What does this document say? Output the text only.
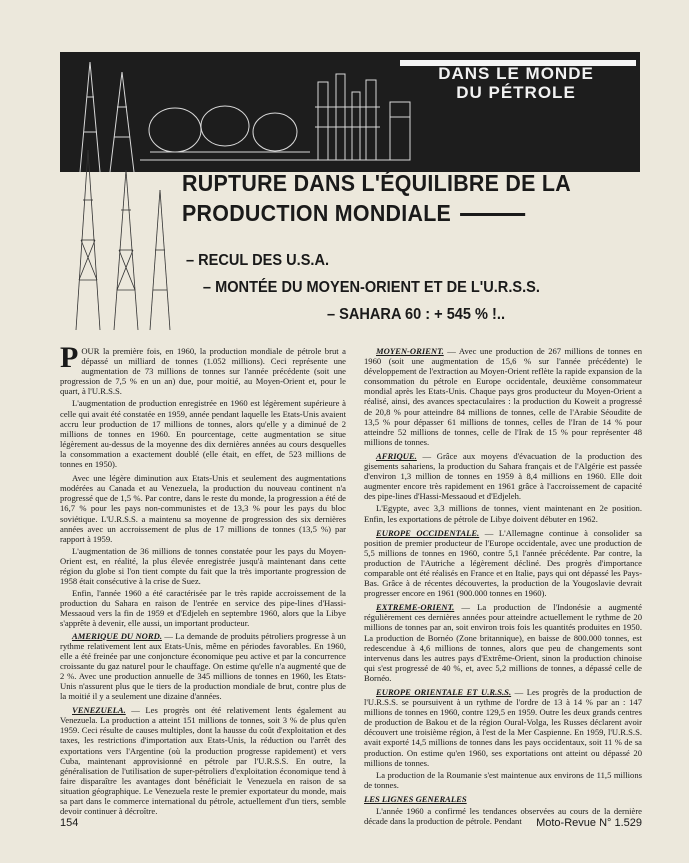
DANS LE MONDE
DU PÉTROLE
RUPTURE DANS L'ÉQUILIBRE DE LA
PRODUCTION MONDIALE
– RECUL DES U.S.A.
– MONTÉE DU MOYEN-ORIENT ET DE L'U.R.S.S.
– SAHARA 60 : + 545 % !..

POUR la première fois, en 1960, la production mondiale de pétrole brut a dépassé un milliard de tonnes (1.052 millions). Ceci représente une augmentation de 73 millions de tonnes sur l'année précédente (soit une progression de 7,5 % en un an) due, pour moitié, au Moyen-Orient et, pour le quart, à l'U.R.S.S.

L'augmentation de production enregistrée en 1960 est légèrement supérieure à celle qui avait été constatée en 1959, année pendant laquelle les Etats-Unis avaient accru leur production de 17 millions de tonnes, alors qu'elle y a diminué de 2 millions de tonnes en 1960. En pourcentage, cette augmentation se situe légèrement au-dessus de la moyenne des dix dernières années au cours desquelles la consommation a exactement doublé (elle était, en effet, de 523 millions de tonnes en 1950).

Avec une légère diminution aux Etats-Unis et seulement des augmentations modérées au Canada et au Venezuela, la production du nouveau continent n'a progressé que de 1,5 %. Par contre, dans le reste du monde, la progression a été de 16,7 % pour les pays non-communistes et de 13,3 % pour les pays du bloc soviétique. L'U.R.S.S. a maintenu sa moyenne de progression des six dernières années avec un accroissement de plus de 17 millions de tonnes (13,5 %) par rapport à 1959.

L'augmentation de 36 millions de tonnes constatée pour les pays du Moyen-Orient est, en réalité, la plus élevée enregistrée jusqu'à maintenant dans cette région du globe si l'on tient compte du fait que la très importante progression de 1958 était consécutive à la crise de Suez.

Enfin, l'année 1960 a été caractérisée par le très rapide accroissement de la production du Sahara en raison de l'entrée en service des pipe-lines d'Hassi-Messaoud vers la fin de 1959 et d'Edjeleh en septembre 1960, alors que la Libye s'apprête à devenir, elle aussi, un important producteur.

AMERIQUE DU NORD. — La demande de produits pétroliers progresse à un rythme relativement lent aux Etats-Unis, même en périodes favorables. En 1960, elle a été freinée par une conjoncture économique peu active et par la concurrence croissante du gaz naturel pour le chauffage. On estime qu'elle n'a augmenté que de 2 %. Avec une production annuelle de 345 millions de tonnes en 1960, les Etats-Unis n'assurent plus que le tiers de la production mondiale de brut, contre plus de la moitié il y a seulement une dizaine d'années.

VENEZUELA. — Les progrès ont été relativement lents également au Venezuela. La production a atteint 151 millions de tonnes, soit 3 % de plus qu'en 1959. Ceci résulte de causes multiples, dont la hausse du coût d'exploitation et des taxes, les restrictions d'importation aux Etats-Unis, la réduction ou l'arrêt des exportations vers l'Argentine (où la production progresse rapidement) et vers Cuba, maintenant approvisionné en pétrole par l'U.R.S.S. En outre, la généralisation de l'utilisation de super-pétroliers d'exploitation économique tend à faire disparaître les avantages dont bénéficiait le Venezuela en raison de sa situation géographique. Le Venezuela reste le premier exportateur du monde, mais sa part dans le commerce international du pétrole, actuellement d'un tiers, semble devoir continuer à décroître.

MOYEN-ORIENT. — Avec une production de 267 millions de tonnes en 1960 (soit une augmentation de 15,6 % sur l'année précédente) le développement de l'extraction au Moyen-Orient reflète la rapide expansion de la consommation du pétrole en Europe occidentale, deuxième consommateur mondial après les Etats-Unis. Chaque pays gros producteur du Moyen-Orient a réalisé, ainsi, des avances spectaculaires : la production du Koweit a progressé de 20,8 % pour atteindre 84 millions de tonnes, celle de l'Arabie Séoudite de 13,5 % pour dépasser 61 millions de tonnes, celles de l'Iran de 14 % pour atteindre 52 millions de tonnes, celle de l'Irak de 15 % pour représenter 48 millions de tonnes.

AFRIQUE. — Grâce aux moyens d'évacuation de la production des gisements sahariens, la production du Sahara français et de l'Algérie est passée d'environ 1,3 million de tonnes en 1959 à 8,4 millions en 1960. Elle doit augmenter encore très rapidement en 1961 grâce à l'accroissement de capacité des pipe-lines d'Hassi-Messaoud et d'Edjeleh.

L'Egypte, avec 3,3 millions de tonnes, vient maintenant en 2e position. Enfin, les exportations de pétrole de Libye doivent débuter en 1962.

EUROPE OCCIDENTALE. — L'Allemagne continue à consolider sa position de premier producteur de l'Europe occidentale, avec une production de 5,5 millions de tonnes en 1960, contre 5,1 l'année précédente. Par contre, la production de l'Autriche a légèrement décliné. Des progrès d'importance comparable ont été réalisés en France et en Italie, pays qui ont dépassé les Pays-Bas. Grâce à de récentes découvertes, la production de la Yougoslavie devrait progresser encore en 1961 (900.000 tonnes en 1960).

EXTREME-ORIENT. — La production de l'Indonésie a augmenté régulièrement ces dernières années pour atteindre actuellement le rythme de 20 millions de tonnes par an, soit environ trois fois les quantités produites en 1950. La production de Bornéo (Zone britannique), en baisse de 800.000 tonnes, est redescendue à 4,6 millions de tonnes, alors que peu de changements sont intervenus dans les autres pays d'Extrême-Orient, sinon la production chinoise qui s'est progressé de 40 %, et, avec 5,2 millions de tonnes, a dépassé celle de Bornéo.

EUROPE ORIENTALE ET U.R.S.S. — Les progrès de la production de l'U.R.S.S. se poursuivent à un rythme de l'ordre de 13 à 14 % par an : 147 millions de tonnes en 1960, contre 129,5 en 1959. Outre les deux grands centres de production de Bakou et de la région Oural-Volga, les Russes déclarent avoir découvert une troisième région, à l'est de la Mer Caspienne. En 1959, l'U.R.S.S. avait exporté 14,5 millions de tonnes dans les pays occidentaux, soit 11 % de sa production. On estime qu'en 1960, ses exportations ont atteint ou dépassé 20 millions de tonnes.

La production de la Roumanie s'est maintenue aux environs de 11,5 millions de tonnes.

LES LIGNES GENERALES

L'année 1960 a confirmé les tendances observées au cours de la dernière décade dans la production de pétrole. Pendant

154	Moto-Revue N° 1.529
